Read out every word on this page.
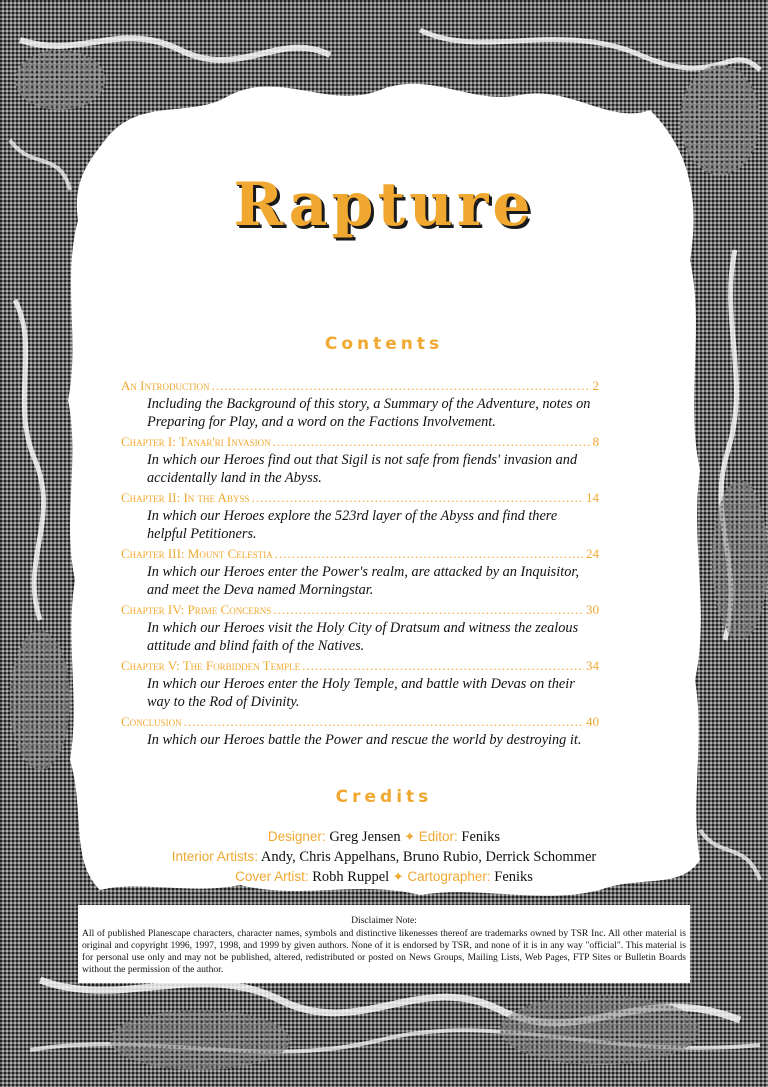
Rapture
Contents
An Introduction .....	2
Including the Background of this story, a Summary of the Adventure, notes on Preparing for Play, and a word on the Factions Involvement.
Chapter I: Tanar'ri Invasion .....	8
In which our Heroes find out that Sigil is not safe from fiends' invasion and accidentally land in the Abyss.
Chapter II: In the Abyss .....	14
In which our Heroes explore the 523rd layer of the Abyss and find there helpful Petitioners.
Chapter III: Mount Celestia .....	24
In which our Heroes enter the Power's realm, are attacked by an Inquisitor, and meet the Deva named Morningstar.
Chapter IV: Prime Concerns .....	30
In which our Heroes visit the Holy City of Dratsum and witness the zealous attitude and blind faith of the Natives.
Chapter V: The Forbidden Temple .....	34
In which our Heroes enter the Holy Temple, and battle with Devas on their way to the Rod of Divinity.
Conclusion .....	40
In which our Heroes battle the Power and rescue the world by destroying it.
Credits
Designer: Greg Jensen ✦ Editor: Feniks
Interior Artists: Andy, Chris Appelhans, Bruno Rubio, Derrick Schommer
Cover Artist: Robh Ruppel ✦ Cartographer: Feniks
Disclaimer Note:
All of published Planescape characters, character names, symbols and distinctive likenesses thereof are trademarks owned by TSR Inc. All other material is original and copyright 1996, 1997, 1998, and 1999 by given authors. None of it is endorsed by TSR, and none of it is in any way "official". This material is for personal use only and may not be published, altered, redistributed or posted on News Groups, Mailing Lists, Web Pages, FTP Sites or Bulletin Boards without the permission of the author.
